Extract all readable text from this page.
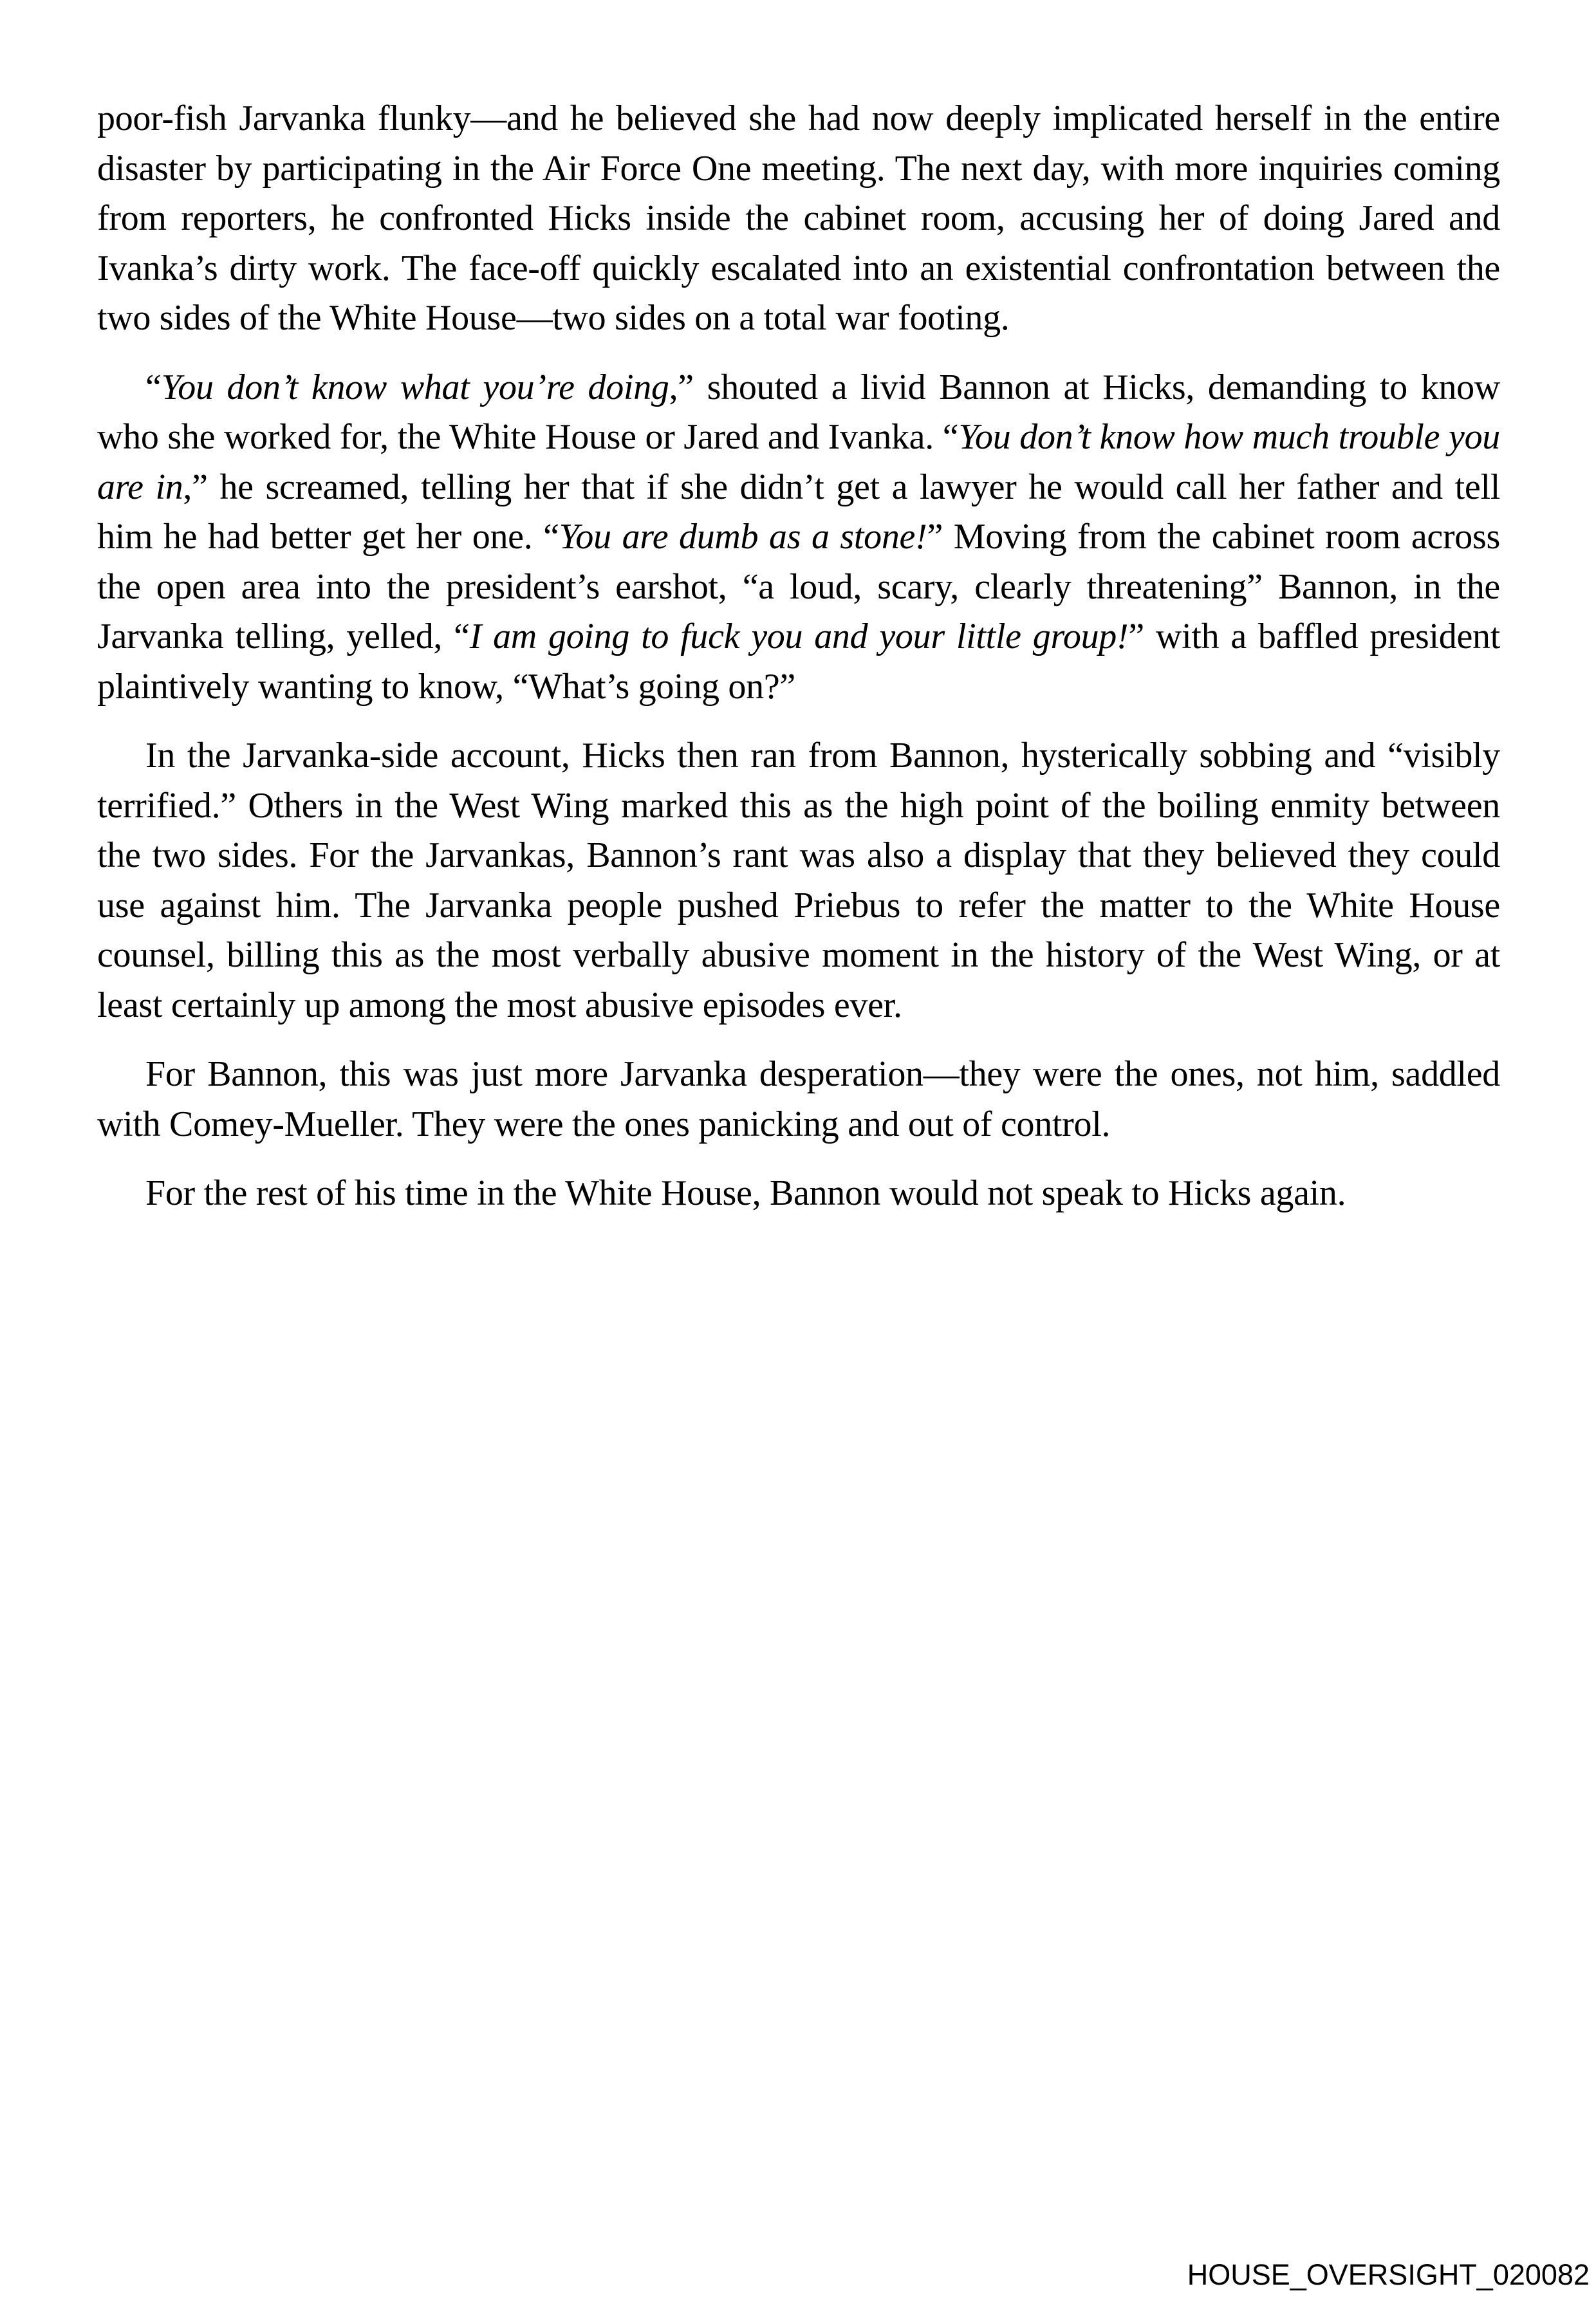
poor-fish Jarvanka flunky—and he believed she had now deeply implicated herself in the entire disaster by participating in the Air Force One meeting. The next day, with more inquiries coming from reporters, he confronted Hicks inside the cabinet room, accusing her of doing Jared and Ivanka’s dirty work. The face-off quickly escalated into an existential confrontation between the two sides of the White House—two sides on a total war footing.

“You don’t know what you’re doing,” shouted a livid Bannon at Hicks, demanding to know who she worked for, the White House or Jared and Ivanka. “You don’t know how much trouble you are in,” he screamed, telling her that if she didn’t get a lawyer he would call her father and tell him he had better get her one. “You are dumb as a stone!” Moving from the cabinet room across the open area into the president’s earshot, “a loud, scary, clearly threatening” Bannon, in the Jarvanka telling, yelled, “I am going to fuck you and your little group!” with a baffled president plaintively wanting to know, “What’s going on?”

In the Jarvanka-side account, Hicks then ran from Bannon, hysterically sobbing and “visibly terrified.” Others in the West Wing marked this as the high point of the boiling enmity between the two sides. For the Jarvankas, Bannon’s rant was also a display that they believed they could use against him. The Jarvanka people pushed Priebus to refer the matter to the White House counsel, billing this as the most verbally abusive moment in the history of the West Wing, or at least certainly up among the most abusive episodes ever.

For Bannon, this was just more Jarvanka desperation—they were the ones, not him, saddled with Comey-Mueller. They were the ones panicking and out of control.

For the rest of his time in the White House, Bannon would not speak to Hicks again.

HOUSE_OVERSIGHT_020082
